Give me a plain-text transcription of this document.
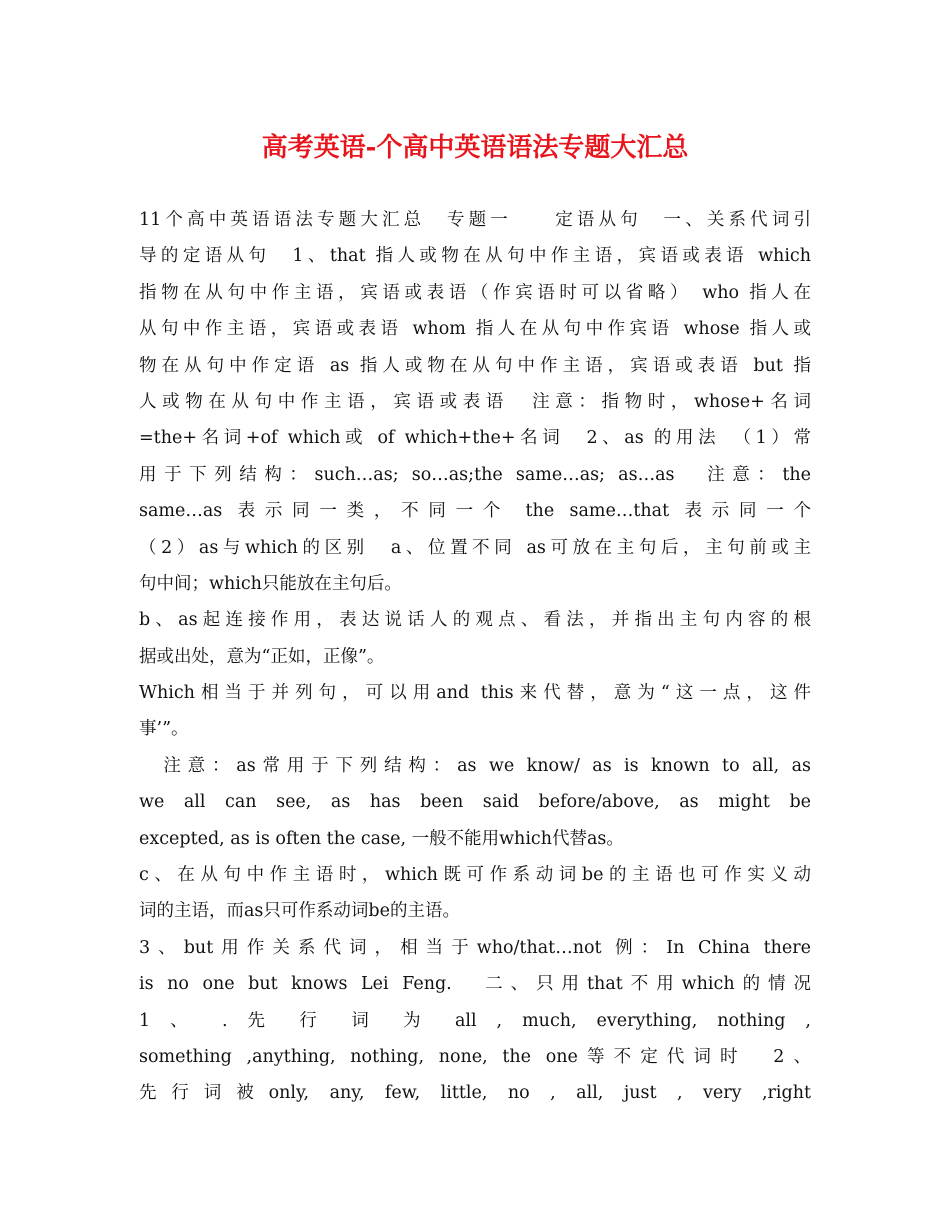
高考英语-个高中英语语法专题大汇总
11个高中英语语法专题大汇总　专题一　　定语从句　一、关系代词引
导的定语从句　1、that 指人或物在从句中作主语，宾语或表语 which
指物在从句中作主语，宾语或表语（作宾语时可以省略） who 指人在
从句中作主语，宾语或表语 whom 指人在从句中作宾语 whose 指人或
物在从句中作定语 as 指人或物在从句中作主语，宾语或表语 but 指
人或物在从句中作主语，宾语或表语　注意：指物时，whose+名词
=the+名词+of which或 of which+the+名词　2、as 的用法　（1）常
用于下列结构：such…as; so…as;the same…as; as…as　注意：the
same…as 表示同一类，不同一个 the same…that 表示同一个
（2）as与which的区别　a、位置不同 as可放在主句后，主句前或主
句中间；which只能放在主句后。
b、as起连接作用，表达说话人的观点、看法，并指出主句内容的根
据或出处，意为“正如，正像”。
Which相当于并列句，可以用and this来代替，意为“这一点，这件
事’”。
　注意：as常用于下列结构：as we know/ as is known to all, as
we all can see, as has been said before/above, as might be
excepted, as is often the case, 一般不能用which代替as。
c、在从句中作主语时，which既可作系动词be的主语也可作实义动
词的主语，而as只可作系动词be的主语。
3、but用作关系代词，相当于who/that…not 例：In China there
is no one but knows Lei Feng.　二、只用that不用which的情况
1 、 . 先 行 词 为 all , much, everything, nothing ,
something ,anything, nothing, none, the one等不定代词时　2、
先行词被only, any, few, little, no , all, just , very ,right
